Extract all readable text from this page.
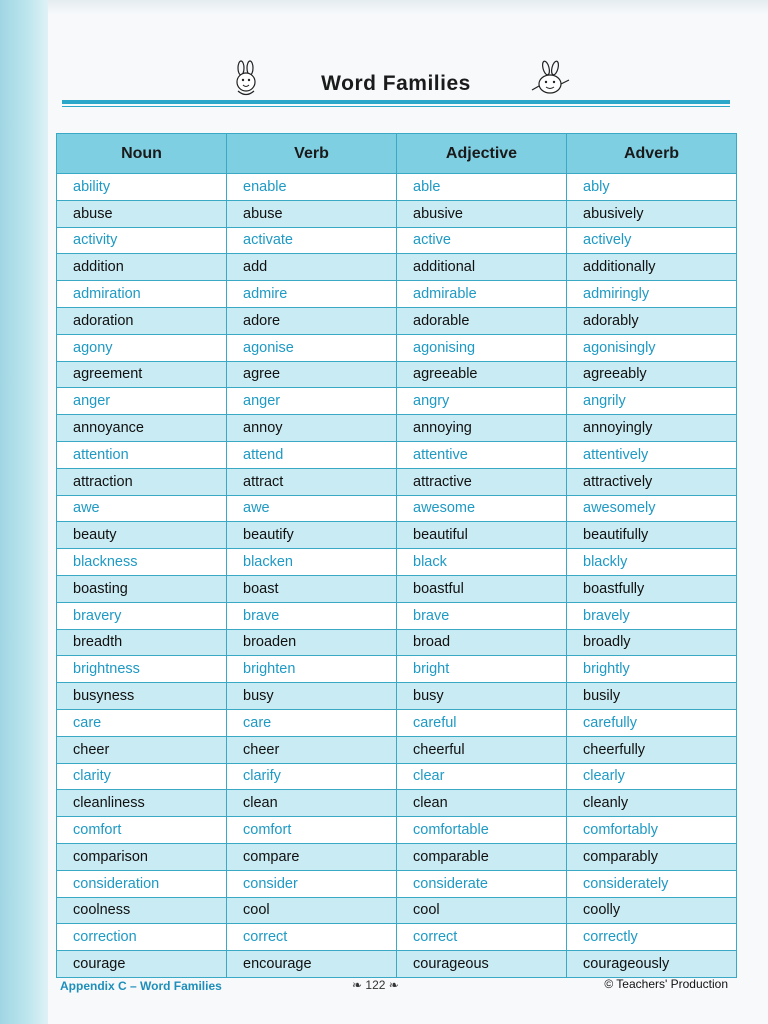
Word Families
Noun	Verb	Adjective	Adverb
ability	enable	able	ably
abuse	abuse	abusive	abusively
activity	activate	active	actively
addition	add	additional	additionally
admiration	admire	admirable	admiringly
adoration	adore	adorable	adorably
agony	agonise	agonising	agonisingly
agreement	agree	agreeable	agreeably
anger	anger	angry	angrily
annoyance	annoy	annoying	annoyingly
attention	attend	attentive	attentively
attraction	attract	attractive	attractively
awe	awe	awesome	awesomely
beauty	beautify	beautiful	beautifully
blackness	blacken	black	blackly
boasting	boast	boastful	boastfully
bravery	brave	brave	bravely
breadth	broaden	broad	broadly
brightness	brighten	bright	brightly
busyness	busy	busy	busily
care	care	careful	carefully
cheer	cheer	cheerful	cheerfully
clarity	clarify	clear	clearly
cleanliness	clean	clean	cleanly
comfort	comfort	comfortable	comfortably
comparison	compare	comparable	comparably
consideration	consider	considerate	considerately
coolness	cool	cool	coolly
correction	correct	correct	correctly
courage	encourage	courageous	courageously
Appendix C – Word Families	❧ 122 ❧	© Teachers' Production
